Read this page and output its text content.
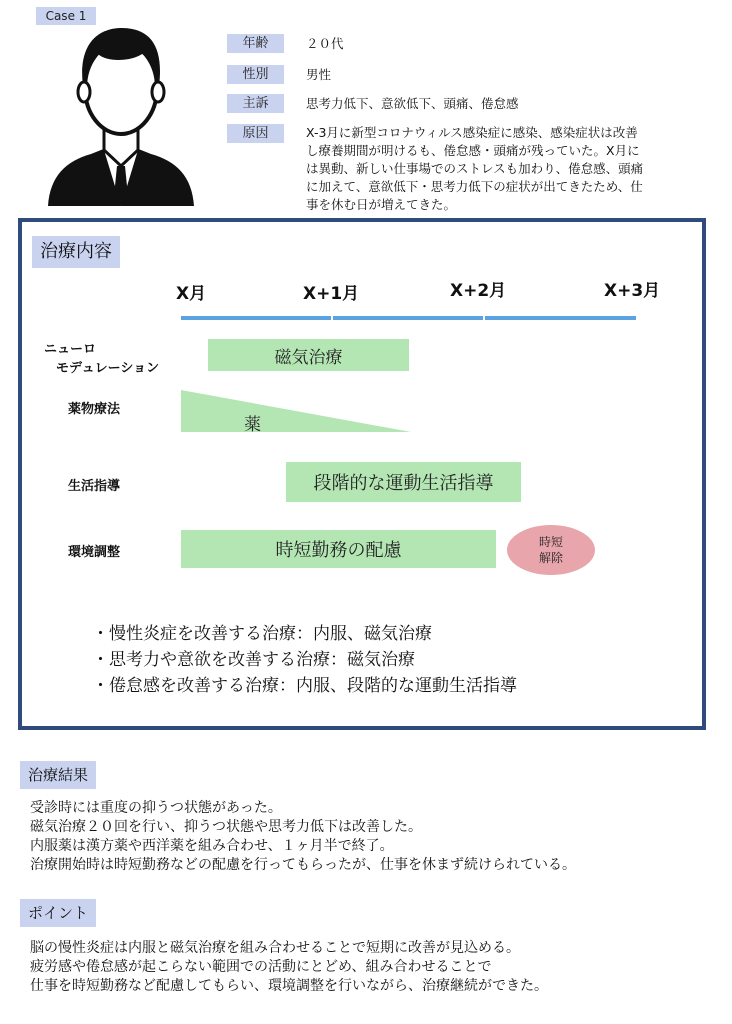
Case 1
年齢	２０代
性別	男性
主訴	思考力低下、意欲低下、頭痛、倦怠感
原因	X-3月に新型コロナウィルス感染症に感染、感染症状は改善
し療養期間が明けるも、倦怠感・頭痛が残っていた。X月に
は異動、新しい仕事場でのストレスも加わり、倦怠感、頭痛
に加えて、意欲低下・思考力低下の症状が出てきたため、仕
事を休む日が増えてきた。
治療内容
X月	X+1月	X+2月	X+3月
ニューロ
モデュレーション
薬物療法
生活指導
環境調整
磁気治療
薬
段階的な運動生活指導
時短勤務の配慮	時短
解除
・慢性炎症を改善する治療：内服、磁気治療
・思考力や意欲を改善する治療：磁気治療
・倦怠感を改善する治療：内服、段階的な運動生活指導
治療結果
受診時には重度の抑うつ状態があった。
磁気治療２０回を行い、抑うつ状態や思考力低下は改善した。
内服薬は漢方薬や西洋薬を組み合わせ、１ヶ月半で終了。
治療開始時は時短勤務などの配慮を行ってもらったが、仕事を休まず続けられている。
ポイント
脳の慢性炎症は内服と磁気治療を組み合わせることで短期に改善が見込める。
疲労感や倦怠感が起こらない範囲での活動にとどめ、組み合わせることで
仕事を時短勤務など配慮してもらい、環境調整を行いながら、治療継続ができた。
